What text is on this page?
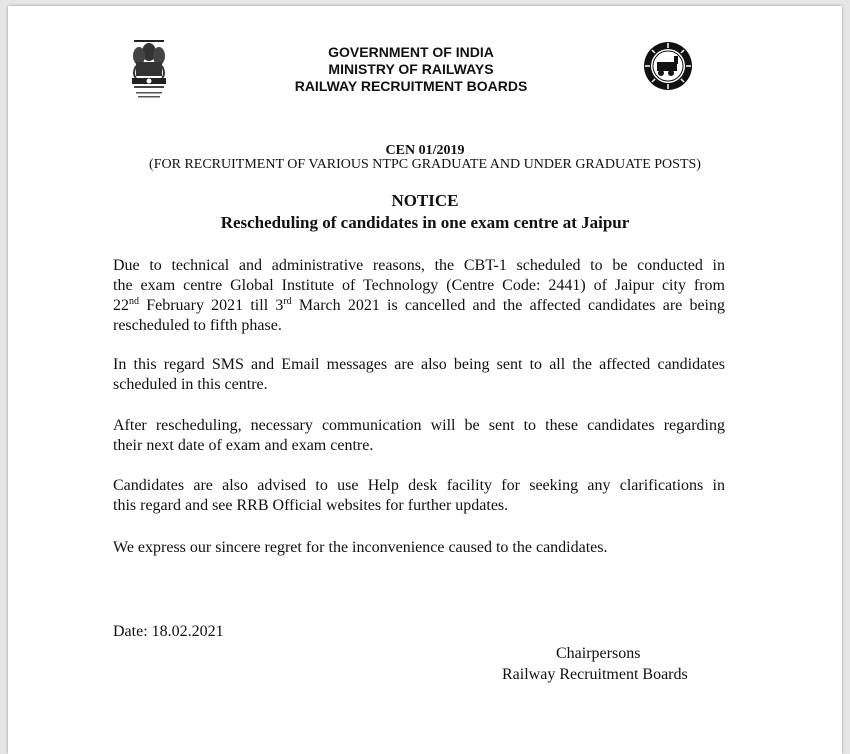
GOVERNMENT OF INDIA
MINISTRY OF RAILWAYS
RAILWAY RECRUITMENT BOARDS
CEN 01/2019
(FOR RECRUITMENT OF VARIOUS NTPC GRADUATE AND UNDER GRADUATE POSTS)
NOTICE
Rescheduling of candidates in one exam centre at Jaipur

Due to technical and administrative reasons, the CBT-1 scheduled to be conducted in

the exam centre Global Institute of Technology (Centre Code: 2441) of Jaipur city from

22nd February 2021 till 3rd March 2021 is cancelled and the affected candidates are being

rescheduled to fifth phase.

In this regard SMS and Email messages are also being sent to all the affected candidates

scheduled in this centre.

After rescheduling, necessary communication will be sent to these candidates regarding

their next date of exam and exam centre.

Candidates are also advised to use Help desk facility for seeking any clarifications in

this regard and see RRB Official websites for further updates.

We express our sincere regret for the inconvenience caused to the candidates.

Date: 18.02.2021
Chairpersons
Railway Recruitment Boards
